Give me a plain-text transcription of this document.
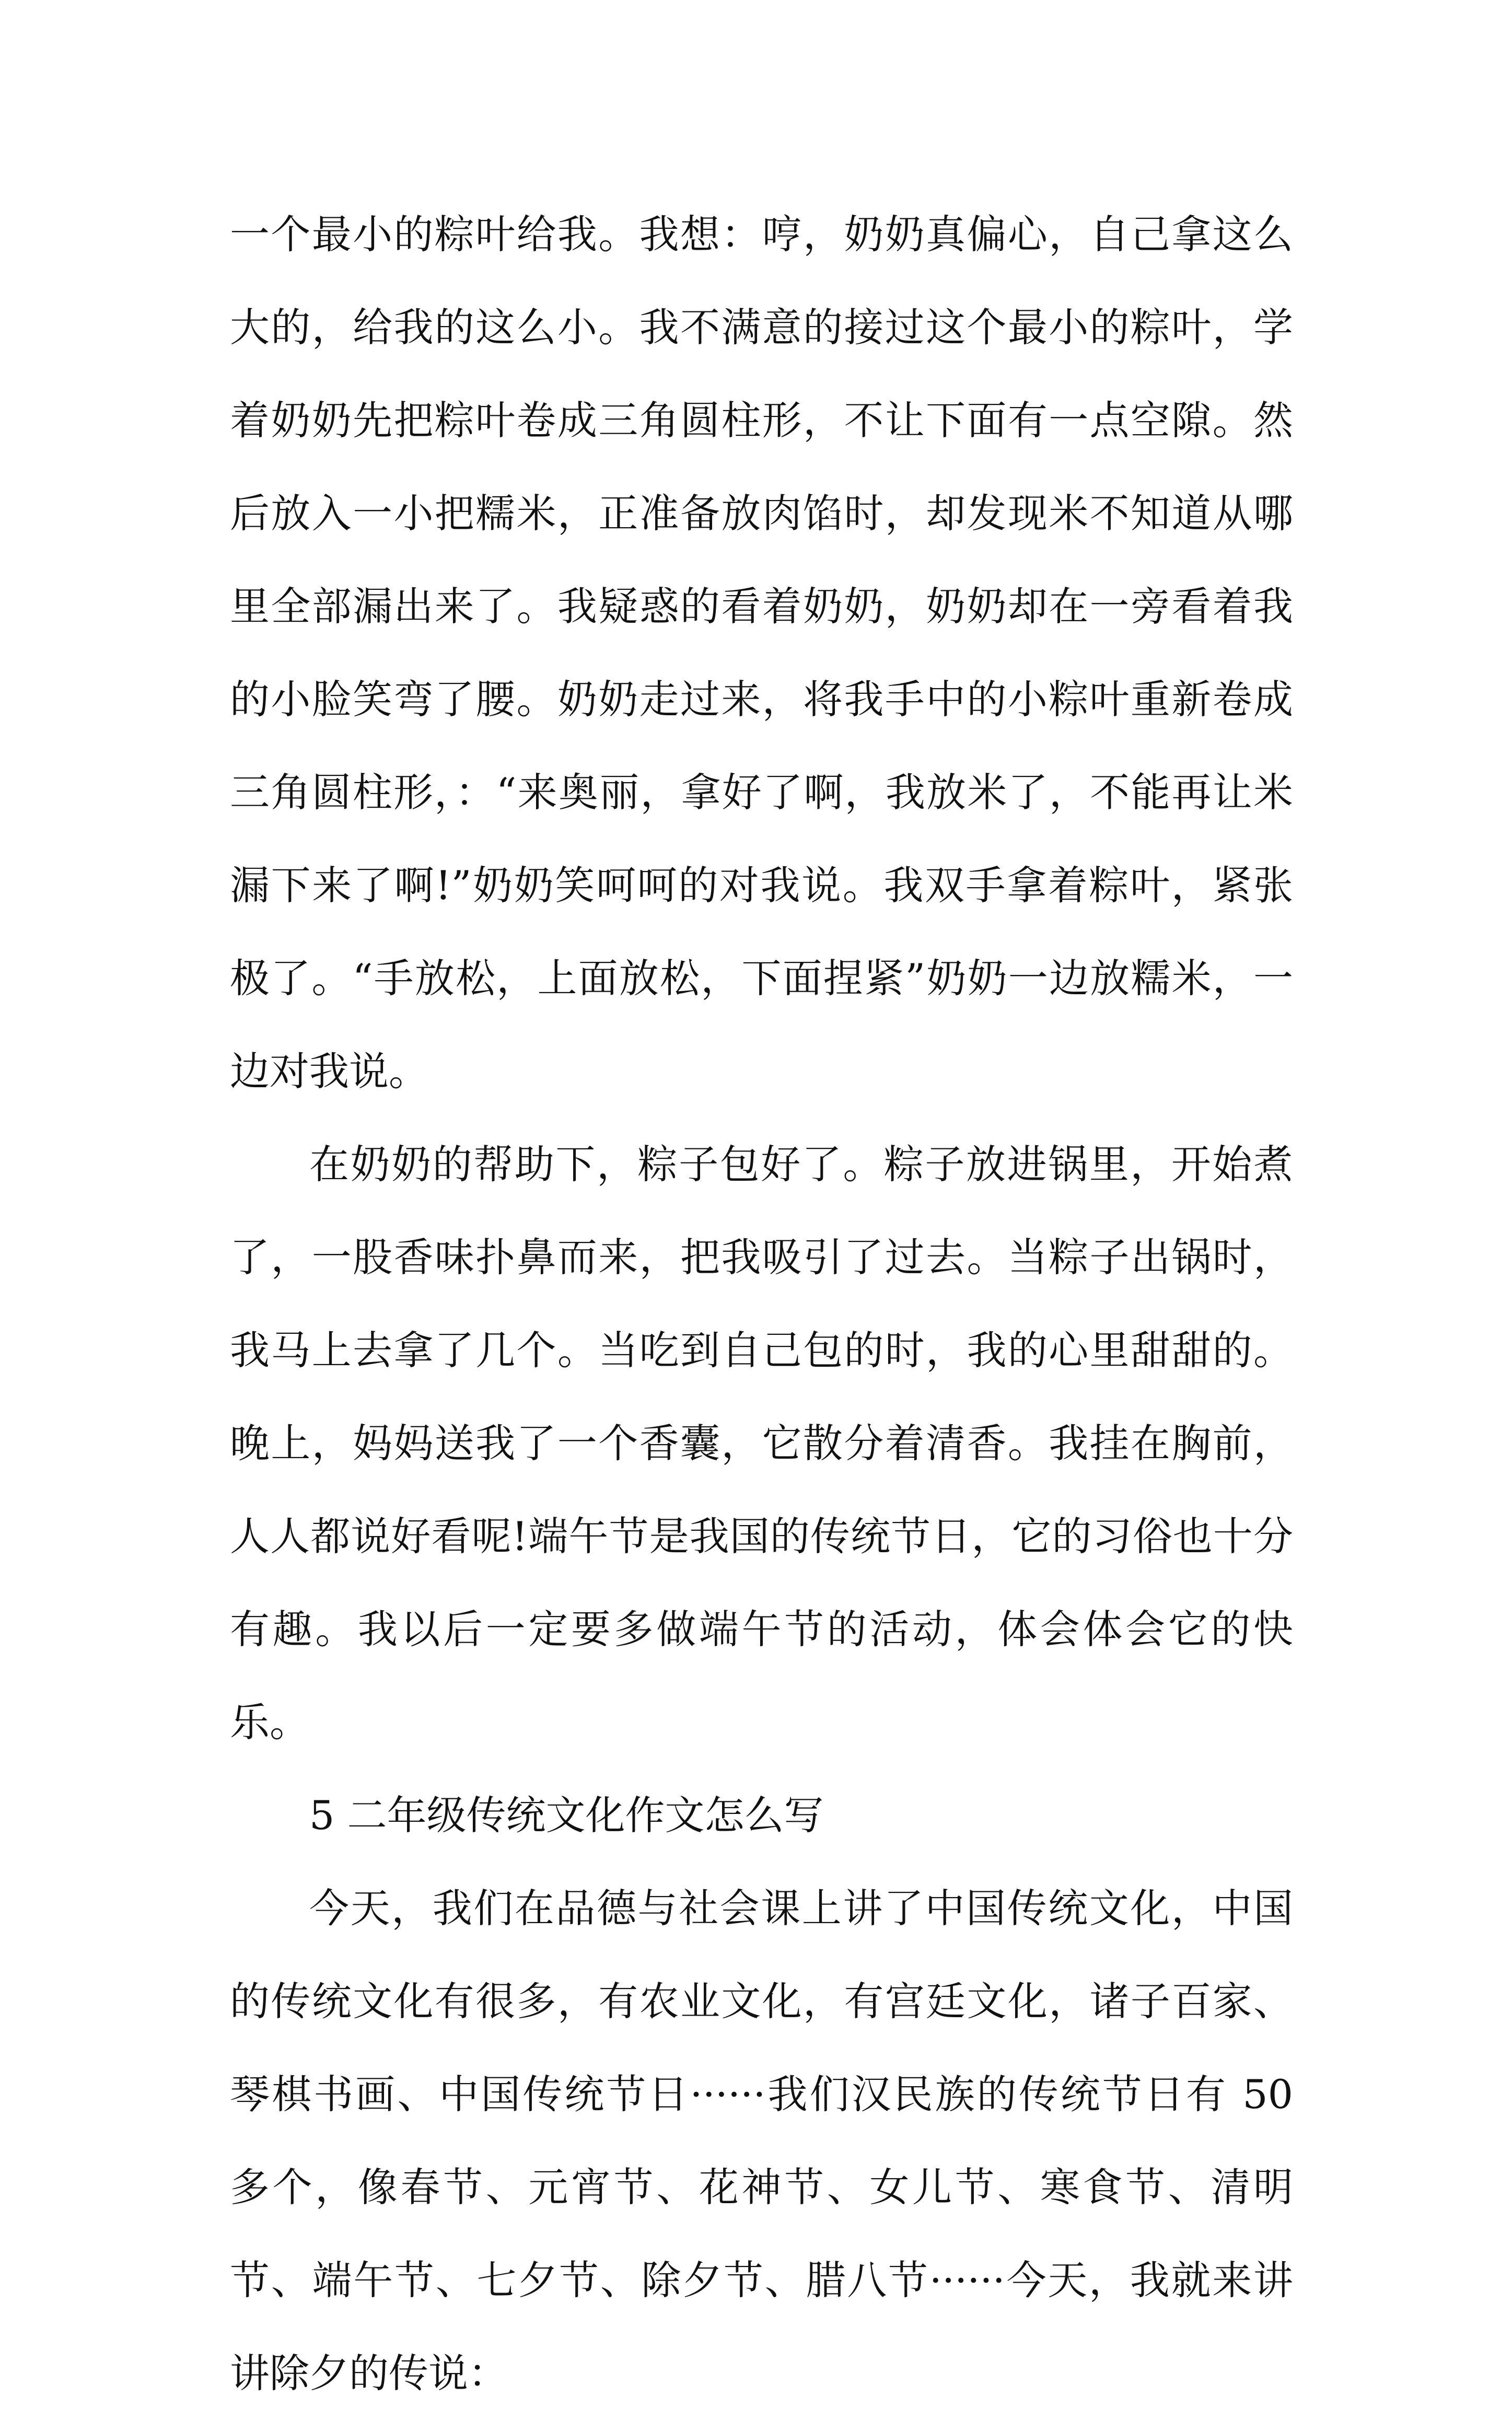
一个最小的粽叶给我。我想：哼，奶奶真偏心，自己拿这么大的，给我的这么小。我不满意的接过这个最小的粽叶，学着奶奶先把粽叶卷成三角圆柱形，不让下面有一点空隙。然后放入一小把糯米，正准备放肉馅时，却发现米不知道从哪里全部漏出来了。我疑惑的看着奶奶，奶奶却在一旁看着我的小脸笑弯了腰。奶奶走过来，将我手中的小粽叶重新卷成三角圆柱形，：“来奥丽，拿好了啊，我放米了，不能再让米漏下来了啊!”奶奶笑呵呵的对我说。我双手拿着粽叶，紧张极了。“手放松，上面放松，下面捏紧”奶奶一边放糯米，一边对我说。

在奶奶的帮助下，粽子包好了。粽子放进锅里，开始煮了，一股香味扑鼻而来，把我吸引了过去。当粽子出锅时，我马上去拿了几个。当吃到自己包的时，我的心里甜甜的。晚上，妈妈送我了一个香囊，它散分着清香。我挂在胸前，人人都说好看呢!端午节是我国的传统节日，它的习俗也十分有趣。我以后一定要多做端午节的活动，体会体会它的快乐。

5 二年级传统文化作文怎么写

今天，我们在品德与社会课上讲了中国传统文化，中国的传统文化有很多，有农业文化，有宫廷文化，诸子百家、琴棋书画、中国传统节日······我们汉民族的传统节日有 50 多个，像春节、元宵节、花神节、女儿节、寒食节、清明节、端午节、七夕节、除夕节、腊八节······今天，我就来讲讲除夕的传说：
